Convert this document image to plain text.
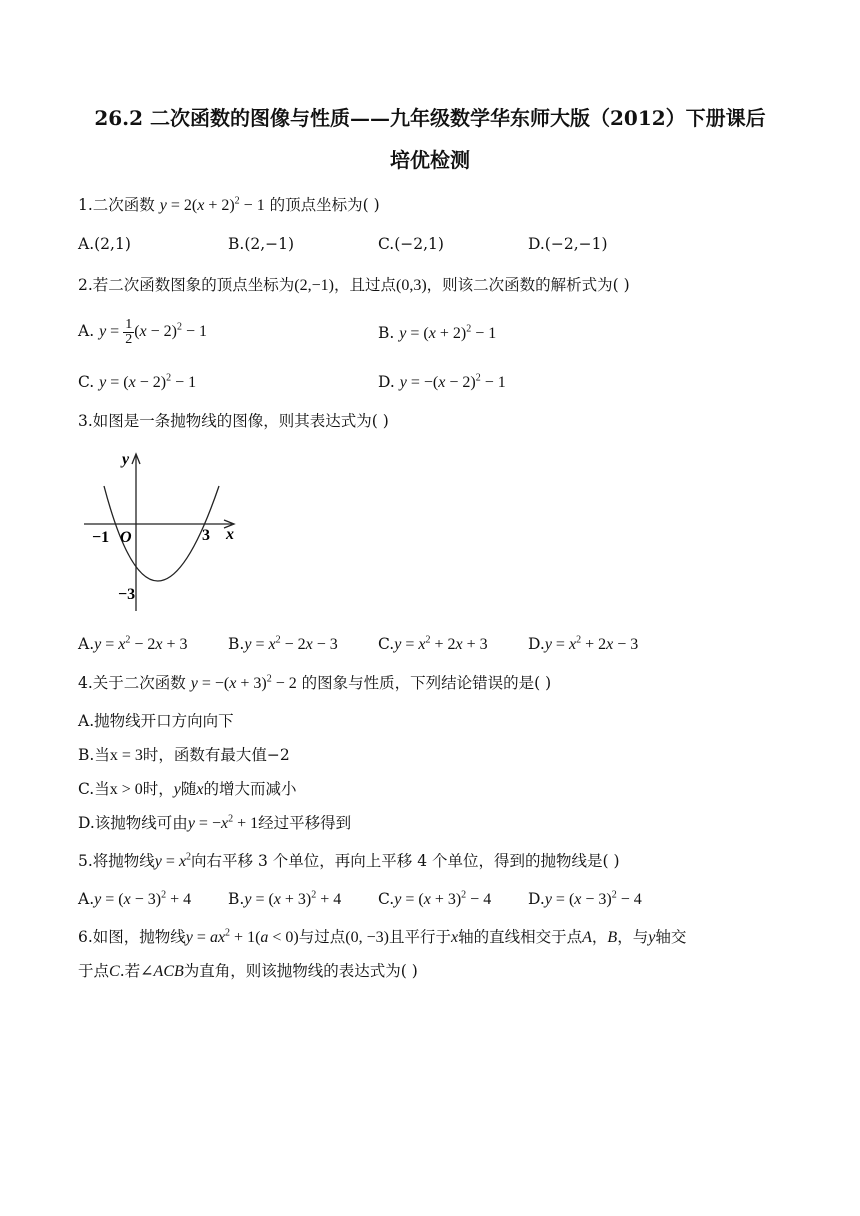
26.2 二次函数的图像与性质——九年级数学华东师大版（2012）下册课后
培优检测
1.二次函数 $y = 2(x + 2)^2 - 1$ 的顶点坐标为( )
A.(2,1)	B.(2,−1)	C.(−2,1)	D.(−2,−1)
2.若二次函数图象的顶点坐标为(2,−1)，且过点(0,3)，则该二次函数的解析式为( )
A. $y = \frac{1}{2} (x - 2)^2 - 1$	B. $y = (x + 2)^2 - 1$
C. $y = (x - 2)^2 - 1$	D. $y = -(x - 2)^2 - 1$
3.如图是一条抛物线的图像，则其表达式为( )
y
x
−1 O	3
−3
$A.y = x^2 - 2x + 3$	$B.y = x^2 - 2x - 3$	$C.y = x^2 + 2x + 3$	$D.y = x^2 + 2x - 3$
4.关于二次函数 $y = -(x + 3)^2 - 2$ 的图象与性质，下列结论错误的是( )
A.抛物线开口方向向下
B.当x = 3时，函数有最大值−2
C.当x > 0时，y随x的增大而减小
D.该抛物线可由$y = -x^2 + 1$经过平移得到
5.将抛物线$y = x^2$向右平移 3 个单位，再向上平移 4 个单位，得到的抛物线是( )
$A.y = (x - 3)^2 + 4$ $B.y = (x + 3)^2 + 4$ $C.y = (x + 3)^2 - 4$ $D.y = (x - 3)^2 - 4$
6.如图，抛物线$y = ax^2 + 1(a < 0)$与过点(0, −3)且平行于x轴的直线相交于点A，B，与y轴交
于点C.若∠ACB为直角，则该抛物线的表达式为( )
